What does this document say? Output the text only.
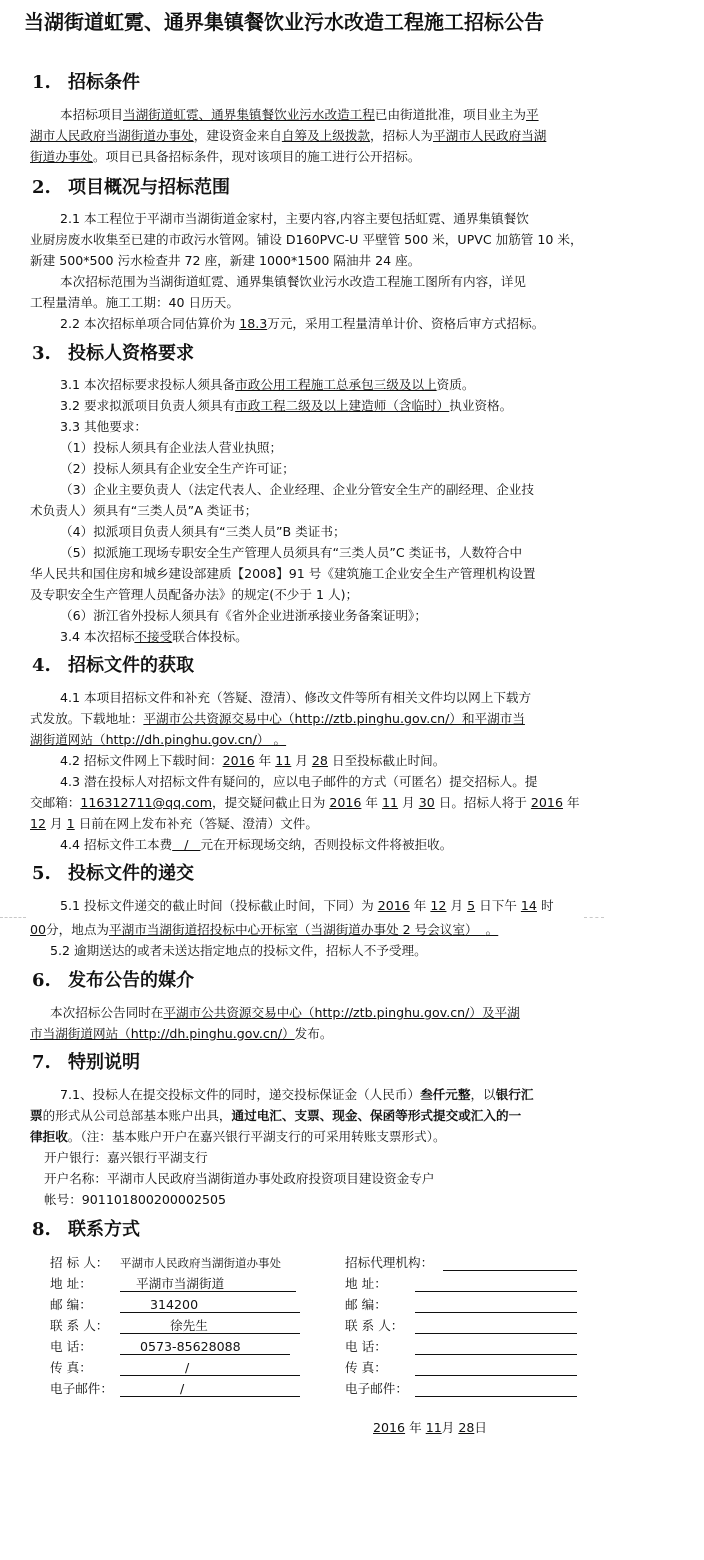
当湖街道虹霓、通界集镇餐饮业污水改造工程施工招标公告
1. 招标条件
2. 项目概况与招标范围
3. 投标人资格要求
4. 招标文件的获取
5. 投标文件的递交
6. 发布公告的媒介
7. 特别说明
8. 联系方式
本招标项目当湖街道虹霓、通界集镇餐饮业污水改造工程已由街道批准，项目业主为平
湖市人民政府当湖街道办事处，建设资金来自自筹及上级拨款，招标人为平湖市人民政府当湖
街道办事处。项目已具备招标条件，现对该项目的施工进行公开招标。
2.1 本工程位于平湖市当湖街道金家村，主要内容,内容主要包括虹霓、通界集镇餐饮
业厨房废水收集至已建的市政污水管网。铺设 D160PVC-U 平壁管 500 米，UPVC 加筋管 10 米，
新建 500*500 污水检查井 72 座，新建 1000*1500 隔油井 24 座。
本次招标范围为当湖街道虹霓、通界集镇餐饮业污水改造工程施工图所有内容，详见
工程量清单。施工工期：40 日历天。
2.2 本次招标单项合同估算价为 18.3万元，采用工程量清单计价、资格后审方式招标。
3.1 本次招标要求投标人须具备市政公用工程施工总承包三级及以上资质。
3.2 要求拟派项目负责人须具有市政工程二级及以上建造师（含临时）执业资格。
3.3 其他要求：
（1）投标人须具有企业法人营业执照；
（2）投标人须具有企业安全生产许可证；
（3）企业主要负责人（法定代表人、企业经理、企业分管安全生产的副经理、企业技
术负责人）须具有“三类人员”A 类证书；
（4）拟派项目负责人须具有“三类人员”B 类证书；
（5）拟派施工现场专职安全生产管理人员须具有“三类人员”C 类证书，人数符合中
华人民共和国住房和城乡建设部建质【2008】91 号《建筑施工企业安全生产管理机构设置
及专职安全生产管理人员配备办法》的规定(不少于 1 人)；
（6）浙江省外投标人须具有《省外企业进浙承接业务备案证明》；
3.4 本次招标不接受联合体投标。
4.1 本项目招标文件和补充（答疑、澄清）、修改文件等所有相关文件均以网上下载方
式发放。下载地址：平湖市公共资源交易中心（http://ztb.pinghu.gov.cn/）和平湖市当
湖街道网站（http://dh.pinghu.gov.cn/） 。
4.2 招标文件网上下载时间：2016 年 11 月 28 日至投标截止时间。
4.3 潜在投标人对招标文件有疑问的，应以电子邮件的方式（可匿名）提交招标人。提
交邮箱：116312711@qq.com，提交疑问截止日为 2016 年 11 月 30 日。招标人将于 2016 年
12 月 1 日前在网上发布补充（答疑、澄清）文件。
4.4 招标文件工本费   /   元在开标现场交纳，否则投标文件将被拒收。
5.1 投标文件递交的截止时间（投标截止时间，下同）为 2016 年 12 月 5 日下午 14 时
00分，地点为平湖市当湖街道招投标中心开标室（当湖街道办事处 2 号会议室）  。
5.2 逾期送达的或者未送达指定地点的投标文件，招标人不予受理。
本次招标公告同时在平湖市公共资源交易中心（http://ztb.pinghu.gov.cn/）及平湖
市当湖街道网站（http://dh.pinghu.gov.cn/）发布。
7.1、投标人在提交投标文件的同时，递交投标保证金（人民币）叁仟元整，以银行汇
票的形式从公司总部基本账户出具，通过电汇、支票、现金、保函等形式提交或汇入的一
律拒收。（注：基本账户开户在嘉兴银行平湖支行的可采用转账支票形式）。
开户银行：嘉兴银行平湖支行
开户名称：平湖市人民政府当湖街道办事处政府投资项目建设资金专户
帐号：901101800200002505
招 标 人： 平湖市人民政府当湖街道办事处
地 址：	平湖市当湖街道
邮 编：	314200
联 系 人：	徐先生
电 话：	0573-85628088
传 真：	/
电子邮件：	/
招标代理机构：
地 址：
邮 编：
联 系 人：
电 话：
传 真：
电子邮件：
2016 年 11月 28日
